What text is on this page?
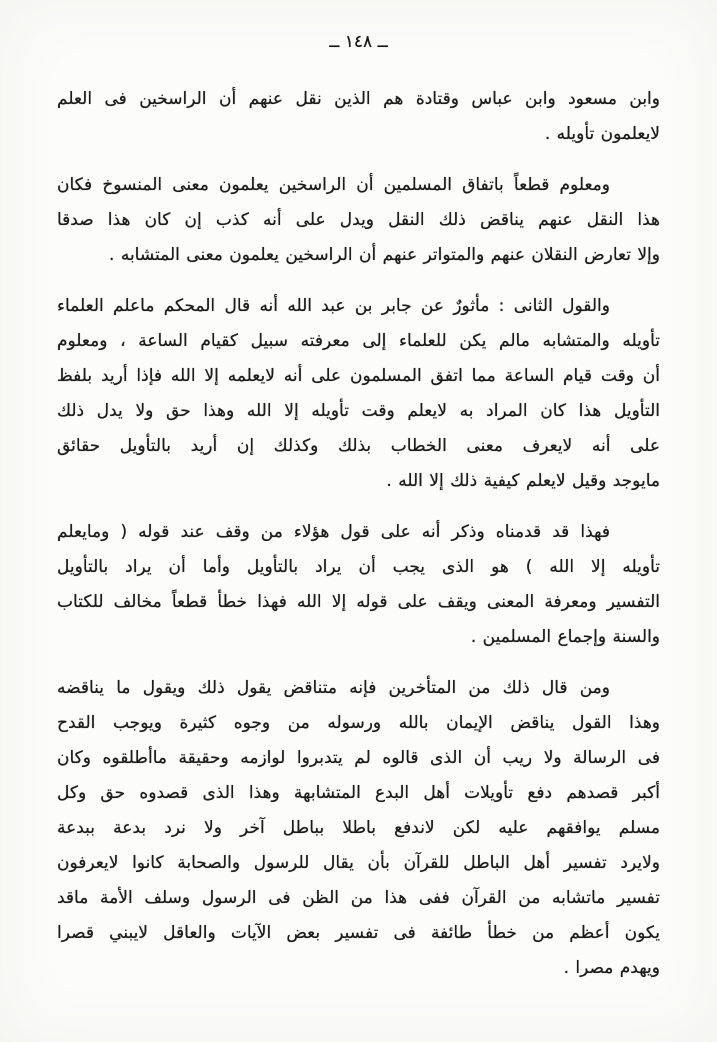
ــ ١٤٨ ــ

وابن مسعود وابن عباس وقتادة هم الذين نقل عنهم أن الراسخين فى العلم
لايعلمون تأويله .

ومعلوم قطعاً باتفاق المسلمين أن الراسخين يعلمون معنى المنسوخ فكان
هذا النقل عنهم يناقض ذلك النقل ويدل على أنه كذب إن كان هذا صدقا
وإلا تعارض النقلان عنهم والمتواتر عنهم أن الراسخين يعلمون معنى المتشابه .

والقول الثانى : مأثورٌ عن جابر بن عبد الله أنه قال المحكم ماعلم العلماء
تأويله والمتشابه مالم يكن للعلماء إلى معرفته سبيل كقيام الساعة ، ومعلوم
أن وقت قيام الساعة مما اتفق المسلمون على أنه لايعلمه إلا الله فإذا أريد بلفظ
التأويل هذا كان المراد به لايعلم وقت تأويله إلا الله وهذا حق ولا يدل ذلك
على أنه لايعرف معنى الخطاب بذلك وكذلك إن أريد بالتأويل حقائق
مايوجد وقيل لايعلم كيفية ذلك إلا الله .

فهذا قد قدمناه وذكر أنه على قول هؤلاء من وقف عند قوله ( ومايعلم
تأويله إلا الله ) هو الذى يجب أن يراد بالتأويل وأما أن يراد بالتأويل
التفسير ومعرفة المعنى ويقف على قوله إلا الله فهذا خطأ قطعاً مخالف للكتاب
والسنة وإجماع المسلمين .

ومن قال ذلك من المتأخرين فإنه متناقض يقول ذلك ويقول ما يناقضه
وهذا القول يناقض الإيمان بالله ورسوله من وجوه كثيرة ويوجب القدح
فى الرسالة ولا ريب أن الذى قالوه لم يتدبروا لوازمه وحقيقة ماأطلقوه وكان
أكبر قصدهم دفع تأويلات أهل البدع المتشابهة وهذا الذى قصدوه حق وكل
مسلم يوافقهم عليه لكن لاندفع باطلا بباطل آخر ولا نرد بدعة ببدعة
ولايرد تفسير أهل الباطل للقرآن بأن يقال للرسول والصحابة كانوا لايعرفون
تفسير ماتشابه من القرآن ففى هذا من الظن فى الرسول وسلف الأمة ماقد
يكون أعظم من خطأ طائفة فى تفسير بعض الآيات والعاقل لايبني قصرا
ويهدم مصرا .
